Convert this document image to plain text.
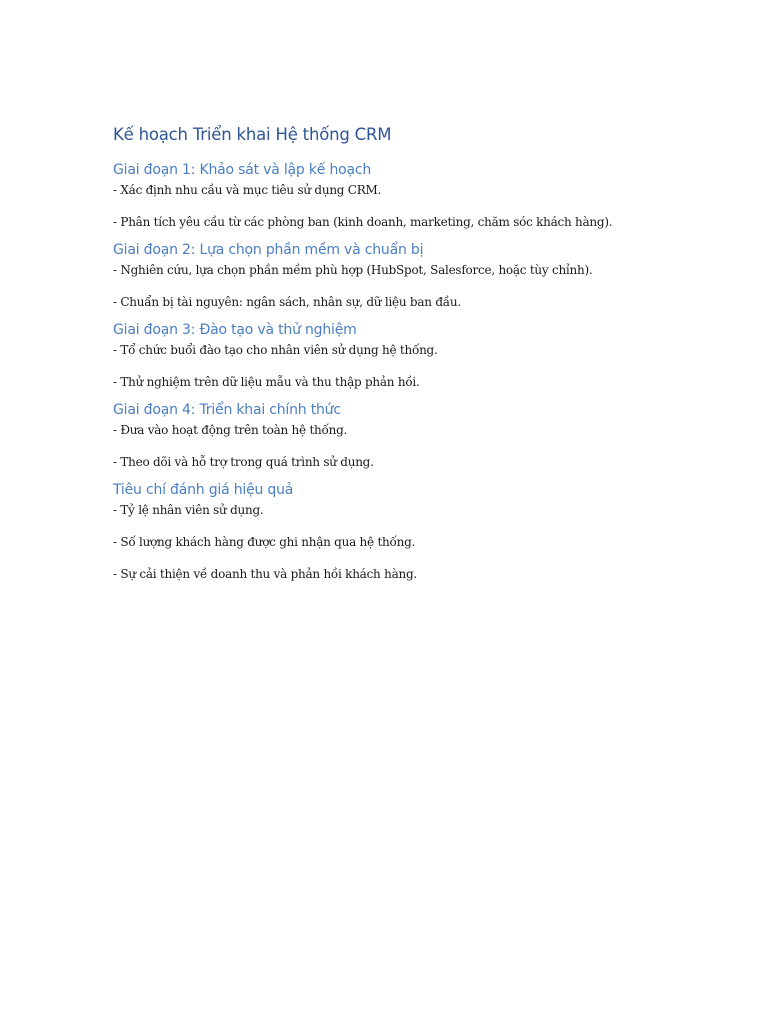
Kế hoạch Triển khai Hệ thống CRM
Giai đoạn 1: Khảo sát và lập kế hoạch

- Xác định nhu cầu và mục tiêu sử dụng CRM.

- Phân tích yêu cầu từ các phòng ban (kinh doanh, marketing, chăm sóc khách hàng).

Giai đoạn 2: Lựa chọn phần mềm và chuẩn bị

- Nghiên cứu, lựa chọn phần mềm phù hợp (HubSpot, Salesforce, hoặc tùy chỉnh).

- Chuẩn bị tài nguyên: ngân sách, nhân sự, dữ liệu ban đầu.

Giai đoạn 3: Đào tạo và thử nghiệm

- Tổ chức buổi đào tạo cho nhân viên sử dụng hệ thống.

- Thử nghiệm trên dữ liệu mẫu và thu thập phản hồi.

Giai đoạn 4: Triển khai chính thức

- Đưa vào hoạt động trên toàn hệ thống.

- Theo dõi và hỗ trợ trong quá trình sử dụng.

Tiêu chí đánh giá hiệu quả

- Tỷ lệ nhân viên sử dụng.

- Số lượng khách hàng được ghi nhận qua hệ thống.

- Sự cải thiện về doanh thu và phản hồi khách hàng.
